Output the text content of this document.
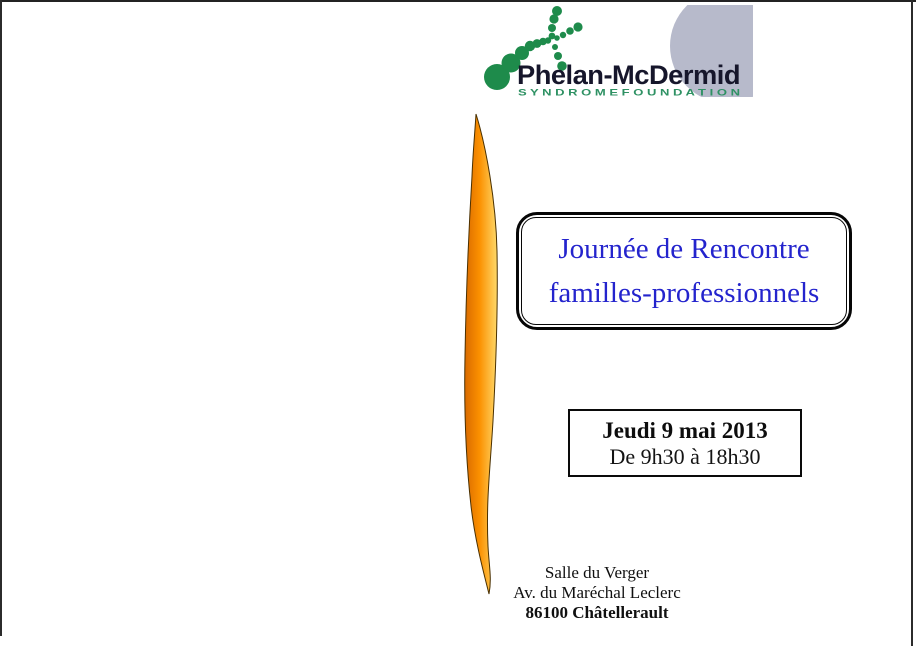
Phelan-McDermid
S Y N D R O M E F O U N D A T I O N
Journée de Rencontre
familles-professionnels
Jeudi 9 mai 2013
De 9h30 à 18h30
Salle du Verger
Av. du Maréchal Leclerc
86100 Châtellerault
